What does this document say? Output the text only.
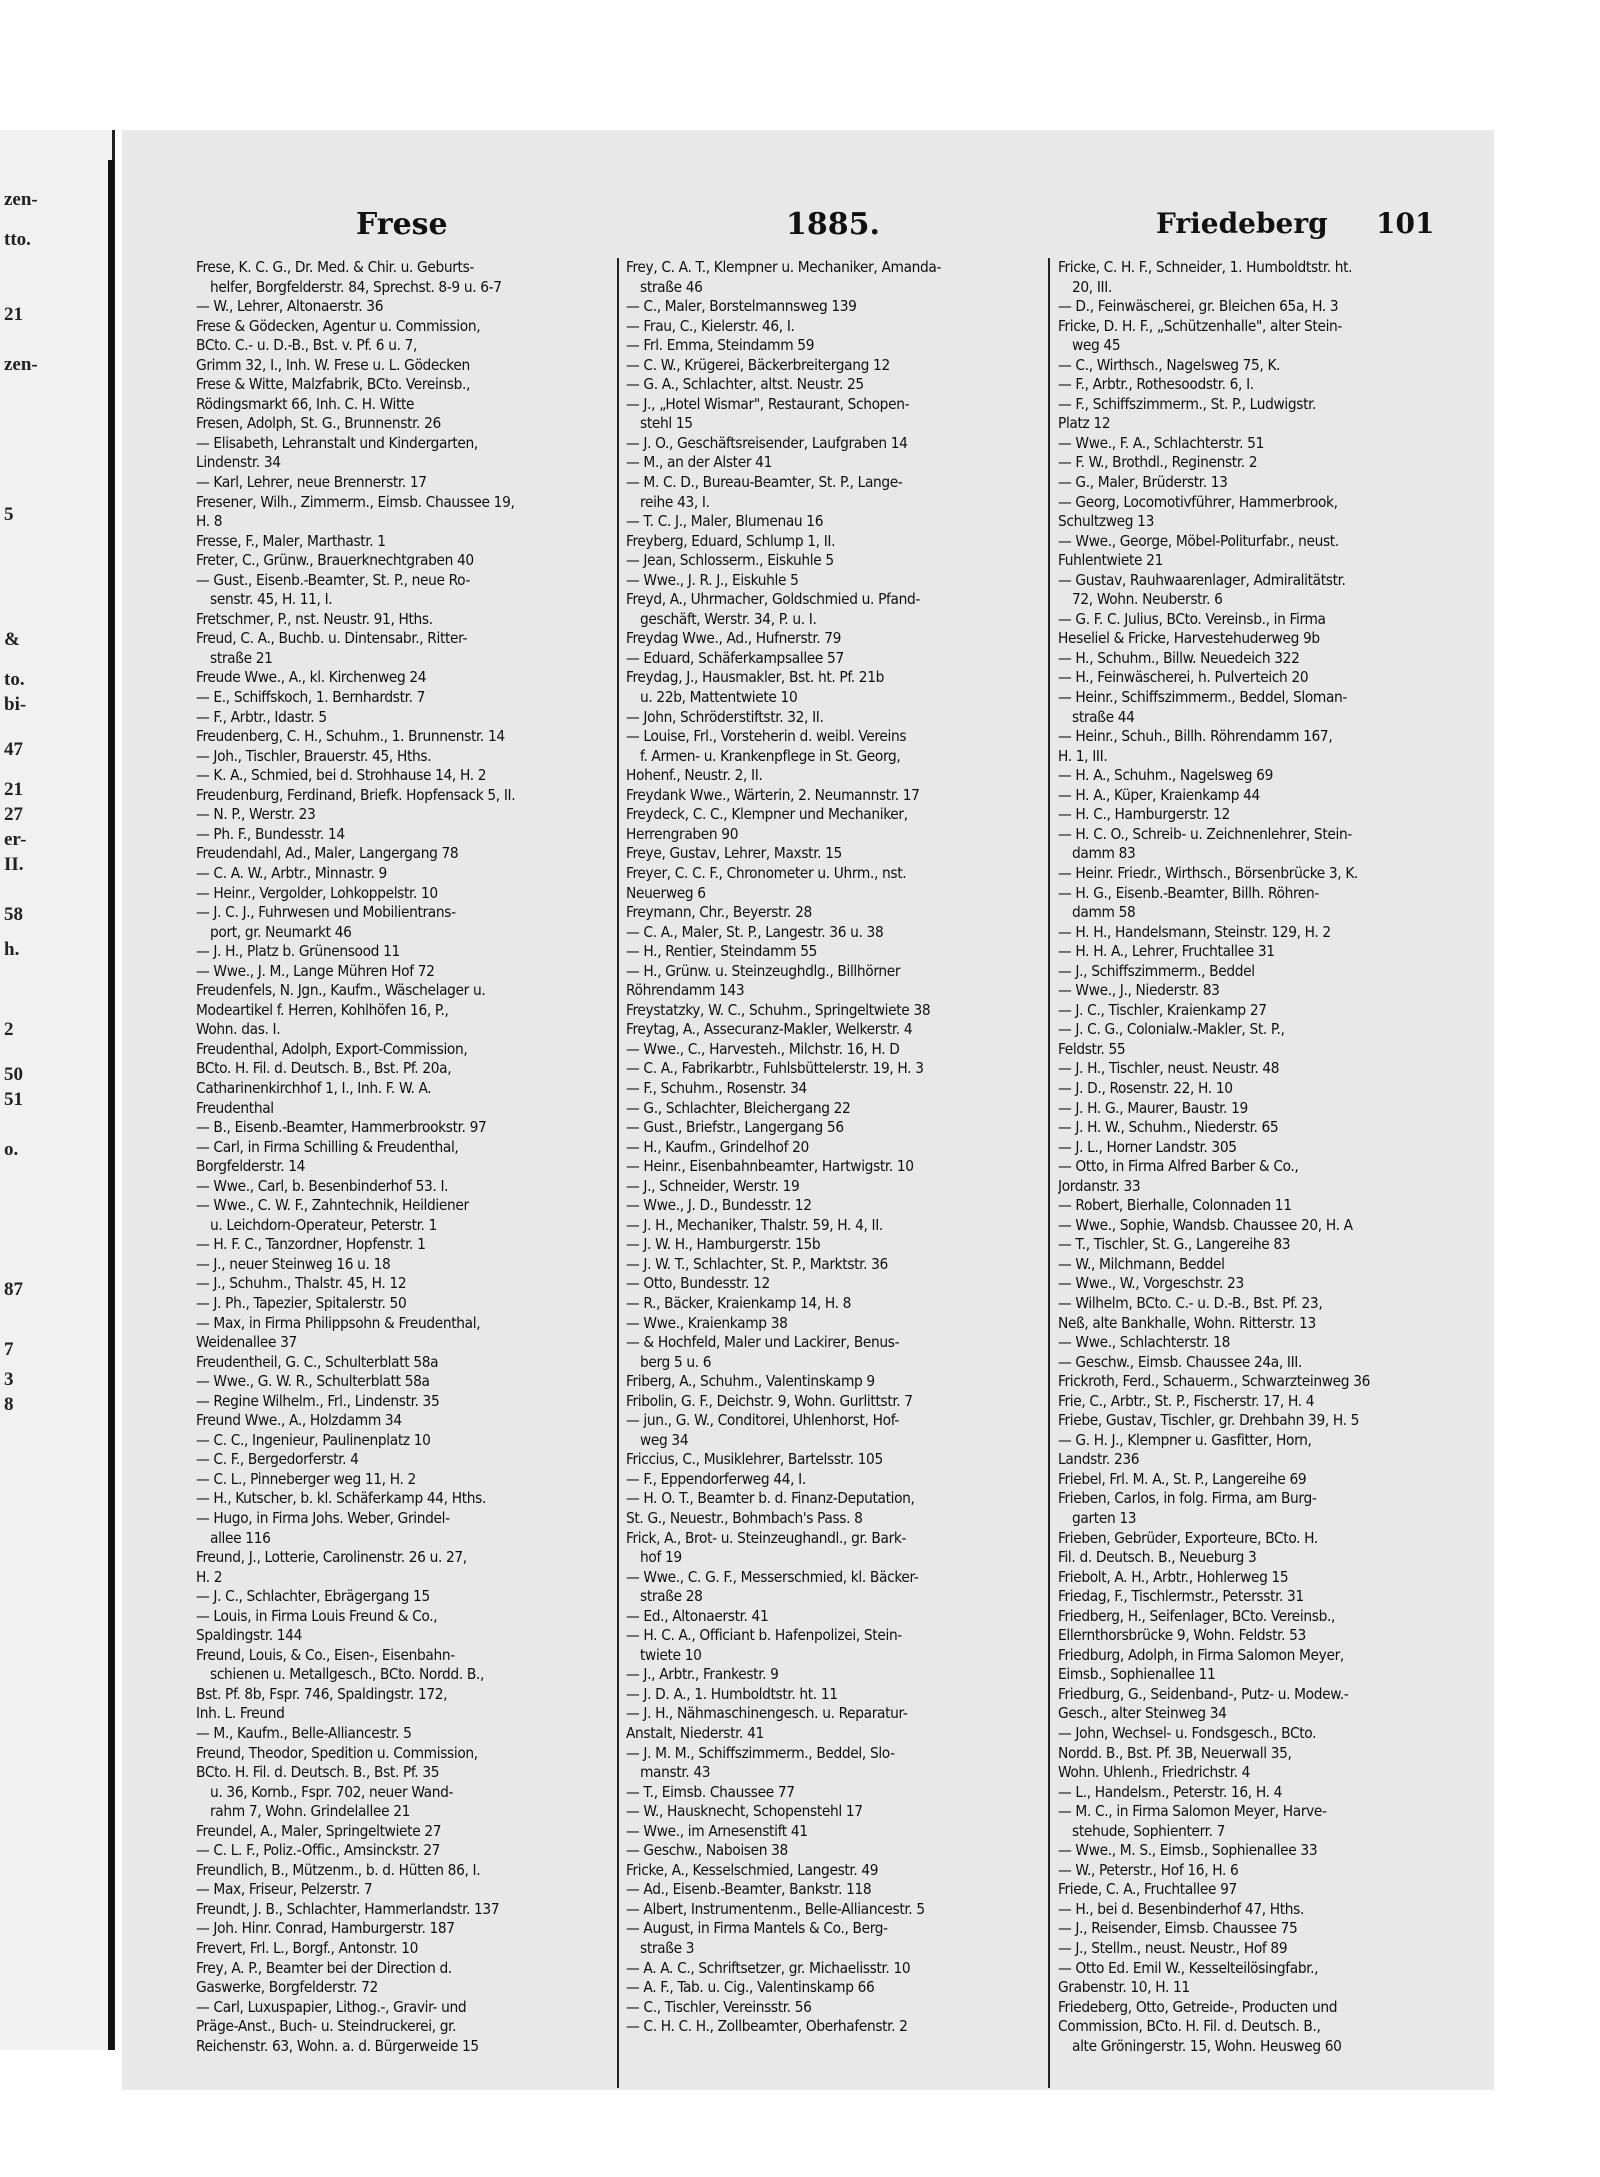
zen-
tto.
21
zen-
5
&
to.
bi-
47
21
27
er-
II.
58
h.
2
50
51
o.
87
7
3
8
Frese	1885.	Friedeberg 101
Frese, K. C. G., Dr. Med. & Chir. u. Geburts-
helfer, Borgfelderstr. 84, Sprechst. 8-9 u. 6-7
— W., Lehrer, Altonaerstr. 36
Frese & Gödecken, Agentur u. Commission,
BCto. C.- u. D.-B., Bst. v. Pf. 6 u. 7,
Grimm 32, I., Inh. W. Frese u. L. Gödecken
Frese & Witte, Malzfabrik, BCto. Vereinsb.,
Rödingsmarkt 66, Inh. C. H. Witte
Fresen, Adolph, St. G., Brunnenstr. 26
— Elisabeth, Lehranstalt und Kindergarten,
Lindenstr. 34
— Karl, Lehrer, neue Brennerstr. 17
Fresener, Wilh., Zimmerm., Eimsb. Chaussee 19,
H. 8
Fresse, F., Maler, Marthastr. 1
Freter, C., Grünw., Brauerknechtgraben 40
— Gust., Eisenb.-Beamter, St. P., neue Ro-
senstr. 45, H. 11, I.
Fretschmer, P., nst. Neustr. 91, Hths.
Freud, C. A., Buchb. u. Dintensabr., Ritter-
straße 21
Freude Wwe., A., kl. Kirchenweg 24
— E., Schiffskoch, 1. Bernhardstr. 7
— F., Arbtr., Idastr. 5
Freudenberg, C. H., Schuhm., 1. Brunnenstr. 14
— Joh., Tischler, Brauerstr. 45, Hths.
— K. A., Schmied, bei d. Strohhause 14, H. 2
Freudenburg, Ferdinand, Briefk. Hopfensack 5, II.
— N. P., Werstr. 23
— Ph. F., Bundesstr. 14
Freudendahl, Ad., Maler, Langergang 78
— C. A. W., Arbtr., Minnastr. 9
— Heinr., Vergolder, Lohkoppelstr. 10
— J. C. J., Fuhrwesen und Mobilientrans-
port, gr. Neumarkt 46
— J. H., Platz b. Grünensood 11
— Wwe., J. M., Lange Mühren Hof 72
Freudenfels, N. Jgn., Kaufm., Wäschelager u.
Modeartikel f. Herren, Kohlhöfen 16, P.,
Wohn. das. I.
Freudenthal, Adolph, Export-Commission,
BCto. H. Fil. d. Deutsch. B., Bst. Pf. 20a,
Catharinenkirchhof 1, I., Inh. F. W. A.
Freudenthal
— B., Eisenb.-Beamter, Hammerbrookstr. 97
— Carl, in Firma Schilling & Freudenthal,
Borgfelderstr. 14
— Wwe., Carl, b. Besenbinderhof 53. I.
— Wwe., C. W. F., Zahntechnik, Heildiener
u. Leichdorn-Operateur, Peterstr. 1
— H. F. C., Tanzordner, Hopfenstr. 1
— J., neuer Steinweg 16 u. 18
— J., Schuhm., Thalstr. 45, H. 12
— J. Ph., Tapezier, Spitalerstr. 50
— Max, in Firma Philippsohn & Freudenthal,
Weidenallee 37
Freudentheil, G. C., Schulterblatt 58a
— Wwe., G. W. R., Schulterblatt 58a
— Regine Wilhelm., Frl., Lindenstr. 35
Freund Wwe., A., Holzdamm 34
— C. C., Ingenieur, Paulinenplatz 10
— C. F., Bergedorferstr. 4
— C. L., Pinneberger weg 11, H. 2
— H., Kutscher, b. kl. Schäferkamp 44, Hths.
— Hugo, in Firma Johs. Weber, Grindel-
allee 116
Freund, J., Lotterie, Carolinenstr. 26 u. 27,
H. 2
— J. C., Schlachter, Ebrägergang 15
— Louis, in Firma Louis Freund & Co.,
Spaldingstr. 144
Freund, Louis, & Co., Eisen-, Eisenbahn-
schienen u. Metallgesch., BCto. Nordd. B.,
Bst. Pf. 8b, Fspr. 746, Spaldingstr. 172,
Inh. L. Freund
— M., Kaufm., Belle-Alliancestr. 5
Freund, Theodor, Spedition u. Commission,
BCto. H. Fil. d. Deutsch. B., Bst. Pf. 35
u. 36, Kornb., Fspr. 702, neuer Wand-
rahm 7, Wohn. Grindelallee 21
Freundel, A., Maler, Springeltwiete 27
— C. L. F., Poliz.-Offic., Amsinckstr. 27
Freundlich, B., Mützenm., b. d. Hütten 86, I.
— Max, Friseur, Pelzerstr. 7
Freundt, J. B., Schlachter, Hammerlandstr. 137
— Joh. Hinr. Conrad, Hamburgerstr. 187
Frevert, Frl. L., Borgf., Antonstr. 10
Frey, A. P., Beamter bei der Direction d.
Gaswerke, Borgfelderstr. 72
— Carl, Luxuspapier, Lithog.-, Gravir- und
Präge-Anst., Buch- u. Steindruckerei, gr.
Reichenstr. 63, Wohn. a. d. Bürgerweide 15
Frey, C. A. T., Klempner u. Mechaniker, Amanda-
straße 46
— C., Maler, Borstelmannsweg 139
— Frau, C., Kielerstr. 46, I.
— Frl. Emma, Steindamm 59
— C. W., Krügerei, Bäckerbreitergang 12
— G. A., Schlachter, altst. Neustr. 25
— J., „Hotel Wismar", Restaurant, Schopen-
stehl 15
— J. O., Geschäftsreisender, Laufgraben 14
— M., an der Alster 41
— M. C. D., Bureau-Beamter, St. P., Lange-
reihe 43, I.
— T. C. J., Maler, Blumenau 16
Freyberg, Eduard, Schlump 1, II.
— Jean, Schlosserm., Eiskuhle 5
— Wwe., J. R. J., Eiskuhle 5
Freyd, A., Uhrmacher, Goldschmied u. Pfand-
geschäft, Werstr. 34, P. u. I.
Freydag Wwe., Ad., Hufnerstr. 79
— Eduard, Schäferkampsallee 57
Freydag, J., Hausmakler, Bst. ht. Pf. 21b
u. 22b, Mattentwiete 10
— John, Schröderstiftstr. 32, II.
— Louise, Frl., Vorsteherin d. weibl. Vereins
f. Armen- u. Krankenpflege in St. Georg,
Hohenf., Neustr. 2, II.
Freydank Wwe., Wärterin, 2. Neumannstr. 17
Freydeck, C. C., Klempner und Mechaniker,
Herrengraben 90
Freye, Gustav, Lehrer, Maxstr. 15
Freyer, C. C. F., Chronometer u. Uhrm., nst.
Neuerweg 6
Freymann, Chr., Beyerstr. 28
— C. A., Maler, St. P., Langestr. 36 u. 38
— H., Rentier, Steindamm 55
— H., Grünw. u. Steinzeughdlg., Billhörner
Röhrendamm 143
Freystatzky, W. C., Schuhm., Springeltwiete 38
Freytag, A., Assecuranz-Makler, Welkerstr. 4
— Wwe., C., Harvesteh., Milchstr. 16, H. D
— C. A., Fabrikarbtr., Fuhlsbüttelerstr. 19, H. 3
— F., Schuhm., Rosenstr. 34
— G., Schlachter, Bleichergang 22
— Gust., Briefstr., Langergang 56
— H., Kaufm., Grindelhof 20
— Heinr., Eisenbahnbeamter, Hartwigstr. 10
— J., Schneider, Werstr. 19
— Wwe., J. D., Bundesstr. 12
— J. H., Mechaniker, Thalstr. 59, H. 4, II.
— J. W. H., Hamburgerstr. 15b
— J. W. T., Schlachter, St. P., Marktstr. 36
— Otto, Bundesstr. 12
— R., Bäcker, Kraienkamp 14, H. 8
— Wwe., Kraienkamp 38
— & Hochfeld, Maler und Lackirer, Benus-
berg 5 u. 6
Friberg, A., Schuhm., Valentinskamp 9
Fribolin, G. F., Deichstr. 9, Wohn. Gurlittstr. 7
— jun., G. W., Conditorei, Uhlenhorst, Hof-
weg 34
Friccius, C., Musiklehrer, Bartelsstr. 105
— F., Eppendorferweg 44, I.
— H. O. T., Beamter b. d. Finanz-Deputation,
St. G., Neuestr., Bohmbach's Pass. 8
Frick, A., Brot- u. Steinzeughandl., gr. Bark-
hof 19
— Wwe., C. G. F., Messerschmied, kl. Bäcker-
straße 28
— Ed., Altonaerstr. 41
— H. C. A., Officiant b. Hafenpolizei, Stein-
twiete 10
— J., Arbtr., Frankestr. 9
— J. D. A., 1. Humboldtstr. ht. 11
— J. H., Nähmaschinengesch. u. Reparatur-
Anstalt, Niederstr. 41
— J. M. M., Schiffszimmerm., Beddel, Slo-
manstr. 43
— T., Eimsb. Chaussee 77
— W., Hausknecht, Schopenstehl 17
— Wwe., im Arnesenstift 41
— Geschw., Naboisen 38
Fricke, A., Kesselschmied, Langestr. 49
— Ad., Eisenb.-Beamter, Bankstr. 118
— Albert, Instrumentenm., Belle-Alliancestr. 5
— August, in Firma Mantels & Co., Berg-
straße 3
— A. A. C., Schriftsetzer, gr. Michaelisstr. 10
— A. F., Tab. u. Cig., Valentinskamp 66
— C., Tischler, Vereinsstr. 56
— C. H. C. H., Zollbeamter, Oberhafenstr. 2
Fricke, C. H. F., Schneider, 1. Humboldtstr. ht.
20, III.
— D., Feinwäscherei, gr. Bleichen 65a, H. 3
Fricke, D. H. F., „Schützenhalle", alter Stein-
weg 45
— C., Wirthsch., Nagelsweg 75, K.
— F., Arbtr., Rothesoodstr. 6, I.
— F., Schiffszimmerm., St. P., Ludwigstr.
Platz 12
— Wwe., F. A., Schlachterstr. 51
— F. W., Brothdl., Reginenstr. 2
— G., Maler, Brüderstr. 13
— Georg, Locomotivführer, Hammerbrook,
Schultzweg 13
— Wwe., George, Möbel-Politurfabr., neust.
Fuhlentwiete 21
— Gustav, Rauhwaarenlager, Admiralitätstr.
72, Wohn. Neuberstr. 6
— G. F. C. Julius, BCto. Vereinsb., in Firma
Heseliel & Fricke, Harvestehuderweg 9b
— H., Schuhm., Billw. Neuedeich 322
— H., Feinwäscherei, h. Pulverteich 20
— Heinr., Schiffszimmerm., Beddel, Sloman-
straße 44
— Heinr., Schuh., Billh. Röhrendamm 167,
H. 1, III.
— H. A., Schuhm., Nagelsweg 69
— H. A., Küper, Kraienkamp 44
— H. C., Hamburgerstr. 12
— H. C. O., Schreib- u. Zeichnenlehrer, Stein-
damm 83
— Heinr. Friedr., Wirthsch., Börsenbrücke 3, K.
— H. G., Eisenb.-Beamter, Billh. Röhren-
damm 58
— H. H., Handelsmann, Steinstr. 129, H. 2
— H. H. A., Lehrer, Fruchtallee 31
— J., Schiffszimmerm., Beddel
— Wwe., J., Niederstr. 83
— J. C., Tischler, Kraienkamp 27
— J. C. G., Colonialw.-Makler, St. P.,
Feldstr. 55
— J. H., Tischler, neust. Neustr. 48
— J. D., Rosenstr. 22, H. 10
— J. H. G., Maurer, Baustr. 19
— J. H. W., Schuhm., Niederstr. 65
— J. L., Horner Landstr. 305
— Otto, in Firma Alfred Barber & Co.,
Jordanstr. 33
— Robert, Bierhalle, Colonnaden 11
— Wwe., Sophie, Wandsb. Chaussee 20, H. A
— T., Tischler, St. G., Langereihe 83
— W., Milchmann, Beddel
— Wwe., W., Vorgeschstr. 23
— Wilhelm, BCto. C.- u. D.-B., Bst. Pf. 23,
Neß, alte Bankhalle, Wohn. Ritterstr. 13
— Wwe., Schlachterstr. 18
— Geschw., Eimsb. Chaussee 24a, III.
Frickroth, Ferd., Schauerm., Schwarzteinweg 36
Frie, C., Arbtr., St. P., Fischerstr. 17, H. 4
Friebe, Gustav, Tischler, gr. Drehbahn 39, H. 5
— G. H. J., Klempner u. Gasfitter, Horn,
Landstr. 236
Friebel, Frl. M. A., St. P., Langereihe 69
Frieben, Carlos, in folg. Firma, am Burg-
garten 13
Frieben, Gebrüder, Exporteure, BCto. H.
Fil. d. Deutsch. B., Neueburg 3
Friebolt, A. H., Arbtr., Hohlerweg 15
Friedag, F., Tischlermstr., Petersstr. 31
Friedberg, H., Seifenlager, BCto. Vereinsb.,
Ellernthorsbrücke 9, Wohn. Feldstr. 53
Friedburg, Adolph, in Firma Salomon Meyer,
Eimsb., Sophienallee 11
Friedburg, G., Seidenband-, Putz- u. Modew.-
Gesch., alter Steinweg 34
— John, Wechsel- u. Fondsgesch., BCto.
Nordd. B., Bst. Pf. 3B, Neuerwall 35,
Wohn. Uhlenh., Friedrichstr. 4
— L., Handelsm., Peterstr. 16, H. 4
— M. C., in Firma Salomon Meyer, Harve-
stehude, Sophienterr. 7
— Wwe., M. S., Eimsb., Sophienallee 33
— W., Peterstr., Hof 16, H. 6
Friede, C. A., Fruchtallee 97
— H., bei d. Besenbinderhof 47, Hths.
— J., Reisender, Eimsb. Chaussee 75
— J., Stellm., neust. Neustr., Hof 89
— Otto Ed. Emil W., Kesselteilösingfabr.,
Grabenstr. 10, H. 11
Friedeberg, Otto, Getreide-, Producten und
Commission, BCto. H. Fil. d. Deutsch. B.,
alte Gröningerstr. 15, Wohn. Heusweg 60
